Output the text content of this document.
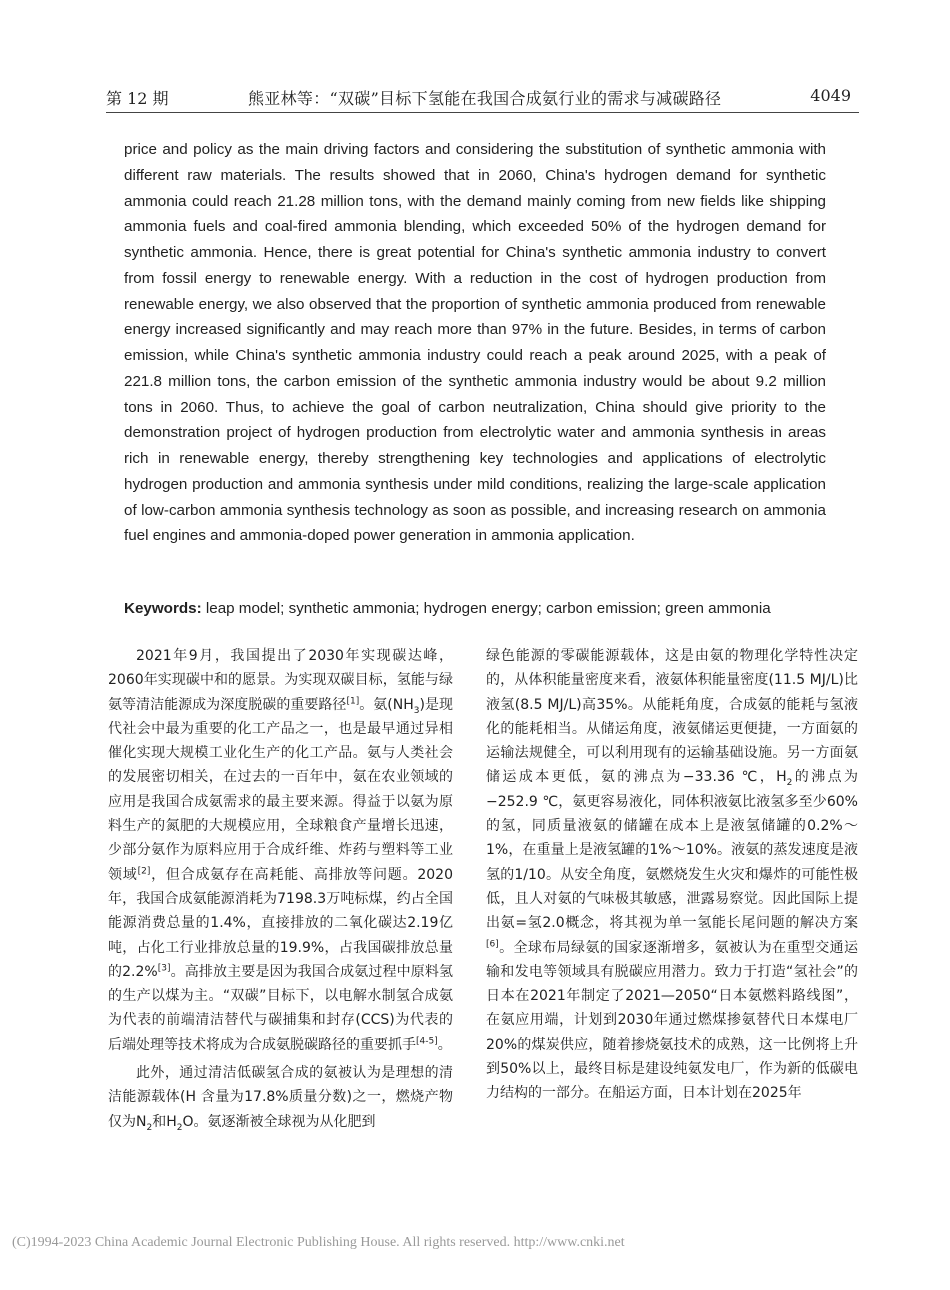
第 12 期	熊亚林等：“双碳”目标下氢能在我国合成氨行业的需求与减碳路径	4049

price and policy as the main driving factors and considering the substitution of synthetic ammonia with different raw materials. The results showed that in 2060, China's hydrogen demand for synthetic ammonia could reach 21.28 million tons, with the demand mainly coming from new fields like shipping ammonia fuels and coal-fired ammonia blending, which exceeded 50% of the hydrogen demand for synthetic ammonia. Hence, there is great potential for China's synthetic ammonia industry to convert from fossil energy to renewable energy. With a reduction in the cost of hydrogen production from renewable energy, we also observed that the proportion of synthetic ammonia produced from renewable energy increased significantly and may reach more than 97% in the future. Besides, in terms of carbon emission, while China's synthetic ammonia industry could reach a peak around 2025, with a peak of 221.8 million tons, the carbon emission of the synthetic ammonia industry would be about 9.2 million tons in 2060. Thus, to achieve the goal of carbon neutralization, China should give priority to the demonstration project of hydrogen production from electrolytic water and ammonia synthesis in areas rich in renewable energy, thereby strengthening key technologies and applications of electrolytic hydrogen production and ammonia synthesis under mild conditions, realizing the large-scale application of low-carbon ammonia synthesis technology as soon as possible, and increasing research on ammonia fuel engines and ammonia-doped power generation in ammonia application.

Keywords: leap model; synthetic ammonia; hydrogen energy; carbon emission; green ammonia

2021年9月，我国提出了2030年实现碳达峰，2060年实现碳中和的愿景。为实现双碳目标，氢能与绿氨等清洁能源成为深度脱碳的重要路径[1]。氨$(NH_3)$是现代社会中最为重要的化工产品之一，也是最早通过异相催化实现大规模工业化生产的化工产品。氨与人类社会的发展密切相关，在过去的一百年中，氨在农业领域的应用是我国合成氨需求的最主要来源。得益于以氨为原料生产的氮肥的大规模应用，全球粮食产量增长迅速，少部分氨作为原料应用于合成纤维、炸药与塑料等工业领域[2]，但合成氨存在高耗能、高排放等问题。2020年，我国合成氨能源消耗为7198.3万吨标煤，约占全国能源消费总量的1.4%，直接排放的二氧化碳达2.19亿吨，占化工行业排放总量的19.9%，占我国碳排放总量的2.2%[3]。高排放主要是因为我国合成氨过程中原料氢的生产以煤为主。“双碳”目标下，以电解水制氢合成氨为代表的前端清洁替代与碳捕集和封存(CCS)为代表的后端处理等技术将成为合成氨脱碳路径的重要抓手[4-5]。

此外，通过清洁低碳氢合成的氨被认为是理想的清洁能源载体(H 含量为17.8%质量分数)之一，燃烧产物仅为$N_2$和$H_2O$。氨逐渐被全球视为从化肥到

绿色能源的零碳能源载体，这是由氨的物理化学特性决定的，从体积能量密度来看，液氨体积能量密度(11.5 MJ/L)比液氢(8.5 MJ/L)高35%。从能耗角度，合成氨的能耗与氢液化的能耗相当。从储运角度，液氨储运更便捷，一方面氨的运输法规健全，可以利用现有的运输基础设施。另一方面氨储运成本更低，氨的沸点为−33.36 ℃，$H_2$的沸点为−252.9 ℃，氨更容易液化，同体积液氨比液氢多至少60%的氢，同质量液氨的储罐在成本上是液氢储罐的0.2%～1%，在重量上是液氢罐的1%～10%。液氨的蒸发速度是液氢的1/10。从安全角度，氨燃烧发生火灾和爆炸的可能性极低，且人对氨的气味极其敏感，泄露易察觉。因此国际上提出氨=氢2.0概念，将其视为单一氢能长尾问题的解决方案[6]。全球布局绿氨的国家逐渐增多，氨被认为在重型交通运输和发电等领域具有脱碳应用潜力。致力于打造“氢社会”的日本在2021年制定了2021—2050“日本氨燃料路线图”，在氨应用端，计划到2030年通过燃煤掺氨替代日本煤电厂20%的煤炭供应，随着掺烧氨技术的成熟，这一比例将上升到50%以上，最终目标是建设纯氨发电厂，作为新的低碳电力结构的一部分。在船运方面，日本计划在2025年

(C)1994-2023 China Academic Journal Electronic Publishing House. All rights reserved. http://www.cnki.net
